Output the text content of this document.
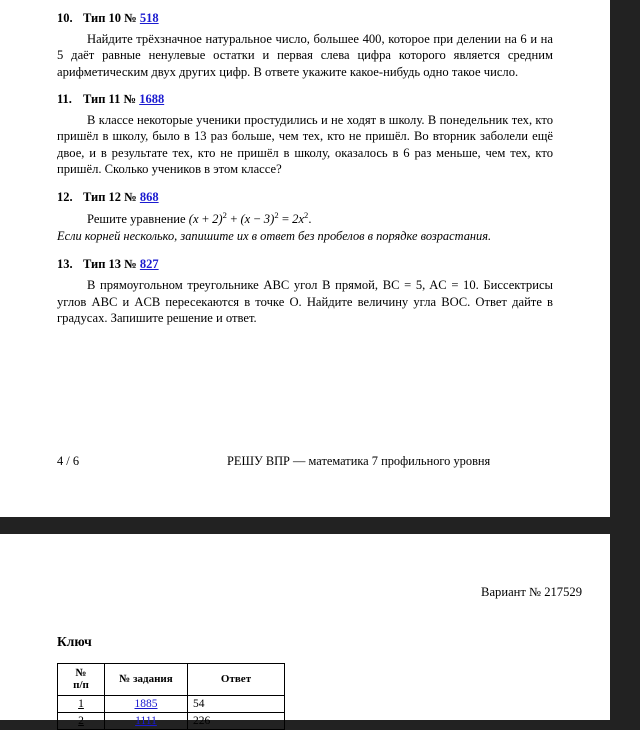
10. Тип 10 № 518

Найдите трёхзначное натуральное число, большее 400, которое при делении на 6 и на 5 даёт равные ненулевые остатки и первая слева цифра которого является средним арифметическим двух других цифр. В ответе укажите какое-нибудь одно такое число.

11. Тип 11 № 1688

В классе некоторые ученики простудились и не ходят в школу. В понедельник тех, кто пришёл в школу, было в 13 раз больше, чем тех, кто не пришёл. Во вторник заболели ещё двое, и в результате тех, кто не пришёл в школу, оказалось в 6 раз меньше, чем тех, кто пришёл. Сколько учеников в этом классе?

12. Тип 12 № 868

Решите уравнение $(x + 2)^2 + (x - 3)^2 = 2x^2$.

Если корней несколько, запишите их в ответ без пробелов в порядке возрастания.

13. Тип 13 № 827

В прямоугольном треугольнике ABC угол B прямой, BC = 5, AC = 10. Биссектрисы углов ABC и ACB пересекаются в точке O. Найдите величину угла BOC. Ответ дайте в градусах. Запишите решение и ответ.

4 / 6	РЕШУ ВПР — математика 7 профильного уровня
Вариант № 217529
Ключ
№
п/п	№ задания	Ответ
1	1885	54
2	1111	226
